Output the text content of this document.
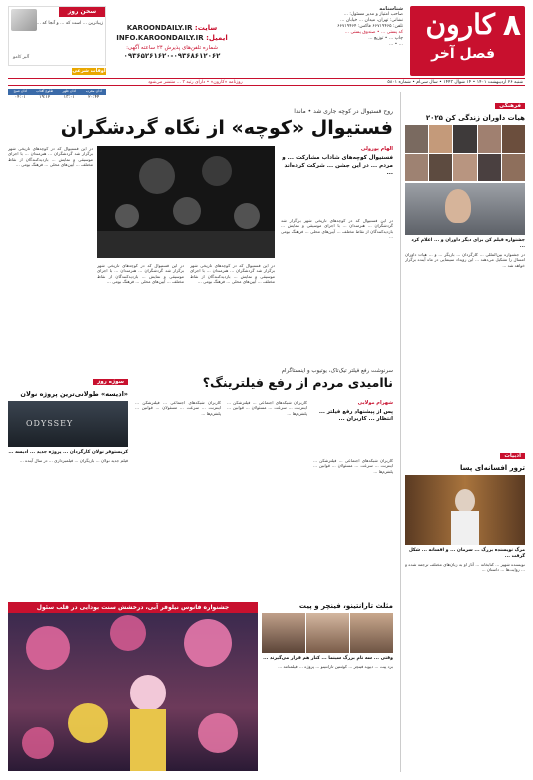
۸
کارون
فصل آخر
شناسنامه
صاحب امتیاز و مدیر مسئول: ...
نشانی: تهران، میدان ... خیابان ...
تلفن: ۶۶۷۱۹۴۶۵ فاکس: ۶۶۷۱۹۴۶۴
کد پستی ... • صندوق پستی ...
چاپ ... • توزیع ...
... • ...
سایت: KAROONDAILY.IR
ایمیل: INFO.KAROONDAILY.IR
شماره تلفن‌های پذیرش ۲۴ ساعته آگهی:
۰۹۳۶۵۲۶۱۶۲۰-۰۹۳۶۸۶۱۲۰۶۲
سخن روز
زیبا‌ترین ... است که ... و آنجا که ...
آلبر کامو
اوقات شرعی
شنبه ۲۶ اردیبهشت ۱۴۰۱ • ۱۴ شوال ۱۴۴۳ • سال سی‌ام • شماره ۵۸۰۱
روزنامه «کارون» • دارای رتبه ۳ ... منتشر می‌شود
اذان صبح	طلوع آفتاب	اذان ظهر	اذان مغرب
۰۴:۰۱	۱۹:۱۲	۱۳:۰۱	۲۰:۴۴
فرهنگی
هیات داوران زندگی کن ۲۰۲۵
جشنواره فیلم کن برای دیگر داوران و ... اعلام کرد ...
در جشنواره بین‌المللی ... کارگردان ... بازیگر ... و ... هیات داوران امسال را تشکیل می‌دهند ... این رویداد سینمایی در ماه آینده برگزار خواهد شد ...
ادبیات
ترور افسانه‌ای پسا
مرگ نویسنده بزرگ ... سرمان ... و افسانه ... شکل گرفت ...
نویسنده شهیر ... کتابخانه ... آثار او به زبان‌های مختلف ترجمه شده و ... روایت‌ها ... داستان ...
روح فستیوال در کوچه جاری شد • ماندا
فستیوال «کوچه» از نگاه گردشگران
الهام پورولی
فستیوال کوچه‌های شاداب مشارکت ... و مردم ... در این جشن ... شرکت کرده‌اند ...
در این فستیوال که در کوچه‌های تاریخی شهر برگزار شد گردشگران ... هنرمندان ... با اجرای موسیقی و نمایش ... بازدیدکنندگان از نقاط مختلف ... آیین‌های محلی ... فرهنگ بومی ...
در این فستیوال که در کوچه‌های تاریخی شهر برگزار شد گردشگران ... هنرمندان ... با اجرای موسیقی و نمایش ... بازدیدکنندگان از نقاط مختلف ... آیین‌های محلی ... فرهنگ بومی ...
در این فستیوال که در کوچه‌های تاریخی شهر برگزار شد گردشگران ... هنرمندان ... با اجرای موسیقی و نمایش ... بازدیدکنندگان از نقاط مختلف ... آیین‌های محلی ... فرهنگ بومی ...
در این فستیوال که در کوچه‌های تاریخی شهر برگزار شد گردشگران ... هنرمندان ... با اجرای موسیقی و نمایش ... بازدیدکنندگان از نقاط مختلف ... آیین‌های محلی ... فرهنگ بومی ...
سوژه روز
«ادیسه» طولانی‌ترین پروژه نولان
ODYSSEY
کریستوفر نولان کارگردان ... پروژه جدید ... ادیسه ...
فیلم جدید نولان ... بازیگران ... فیلمبرداری ... در سال آینده ...
سرنوشت رفع فیلتر تیک‌تاک، یوتیوب و اینستاگرام
ناامیدی مردم از رفع فیلترینگ؟
شهرام مولایی
پس از پیشنهاد رفع فیلتر ... انتظار ... کاربران ...
کاربران شبکه‌های اجتماعی ... فیلترشکن ... اینترنت ... سرعت ... مسئولان ... قوانین ... پلتفرم‌ها ...
کاربران شبکه‌های اجتماعی ... فیلترشکن ... اینترنت ... سرعت ... مسئولان ... قوانین ... پلتفرم‌ها ...
کاربران شبکه‌های اجتماعی ... فیلترشکن ... اینترنت ... سرعت ... مسئولان ... قوانین ... پلتفرم‌ها ...
مثلث تارانتینو، فینچر و پیت
وقتی ... سه نام بزرگ سینما ... کنار هم قرار می‌گیرند ...
برد پیت ... دیوید فینچر ... کوئنتین تارانتینو ... پروژه ... فیلمنامه ...
جشنواره فانوس نیلوفر آبی، درخشش سنت بودایی در قلب سئول
